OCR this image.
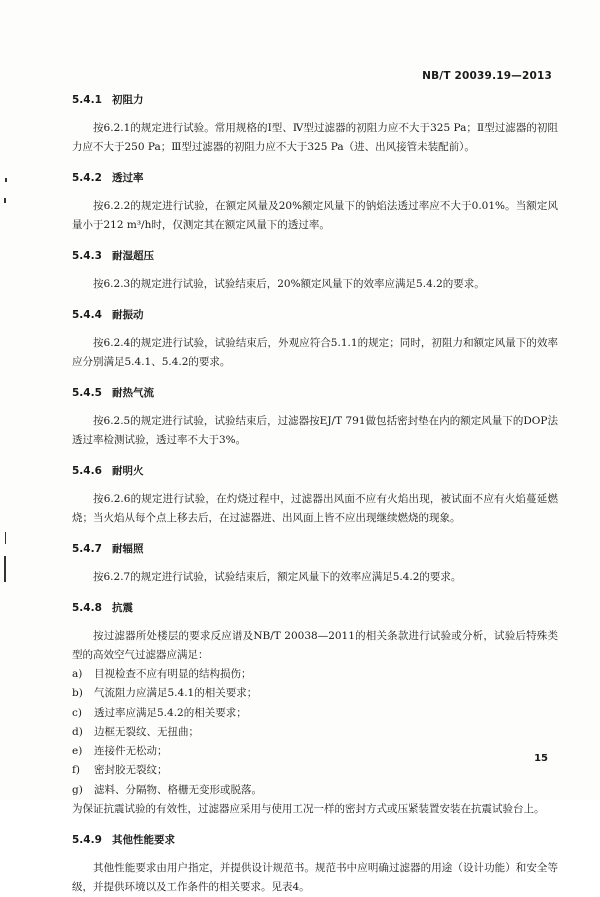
NB/T 20039.19—2013
5.4.1 初阻力

按6.2.1的规定进行试验。常用规格的Ⅰ型、Ⅳ型过滤器的初阻力应不大于325 Pa；Ⅱ型过滤器的初阻力应不大于250 Pa；Ⅲ型过滤器的初阻力应不大于325 Pa（进、出风接管未装配前）。

5.4.2 透过率

按6.2.2的规定进行试验，在额定风量及20%额定风量下的钠焰法透过率应不大于0.01%。当额定风量小于212 m³/h时，仅测定其在额定风量下的透过率。

5.4.3 耐湿超压

按6.2.3的规定进行试验，试验结束后，20%额定风量下的效率应满足5.4.2的要求。

5.4.4 耐振动

按6.2.4的规定进行试验，试验结束后，外观应符合5.1.1的规定；同时，初阻力和额定风量下的效率应分别满足5.4.1、5.4.2的要求。

5.4.5 耐热气流

按6.2.5的规定进行试验，试验结束后，过滤器按EJ/T 791做包括密封垫在内的额定风量下的DOP法透过率检测试验，透过率不大于3%。

5.4.6 耐明火

按6.2.6的规定进行试验，在灼烧过程中，过滤器出风面不应有火焰出现，被试面不应有火焰蔓延燃烧；当火焰从每个点上移去后，在过滤器进、出风面上皆不应出现继续燃烧的现象。

5.4.7 耐辐照

按6.2.7的规定进行试验，试验结束后，额定风量下的效率应满足5.4.2的要求。

5.4.8 抗震

按过滤器所处楼层的要求反应谱及NB/T 20038—2011的相关条款进行试验或分析，试验后特殊类型的高效空气过滤器应满足：

a)	目视检查不应有明显的结构损伤；
b)	气流阻力应满足5.4.1的相关要求；
c)	透过率应满足5.4.2的相关要求；
d)	边框无裂纹、无扭曲；
e)	连接件无松动；
f)	密封胶无裂纹；
g)	滤料、分隔物、格栅无变形或脱落。

为保证抗震试验的有效性，过滤器应采用与使用工况一样的密封方式或压紧装置安装在抗震试验台上。

5.4.9 其他性能要求

其他性能要求由用户指定，并提供设计规范书。规范书中应明确过滤器的用途（设计功能）和安全等级，并提供环境以及工作条件的相关要求。见表4。

15
